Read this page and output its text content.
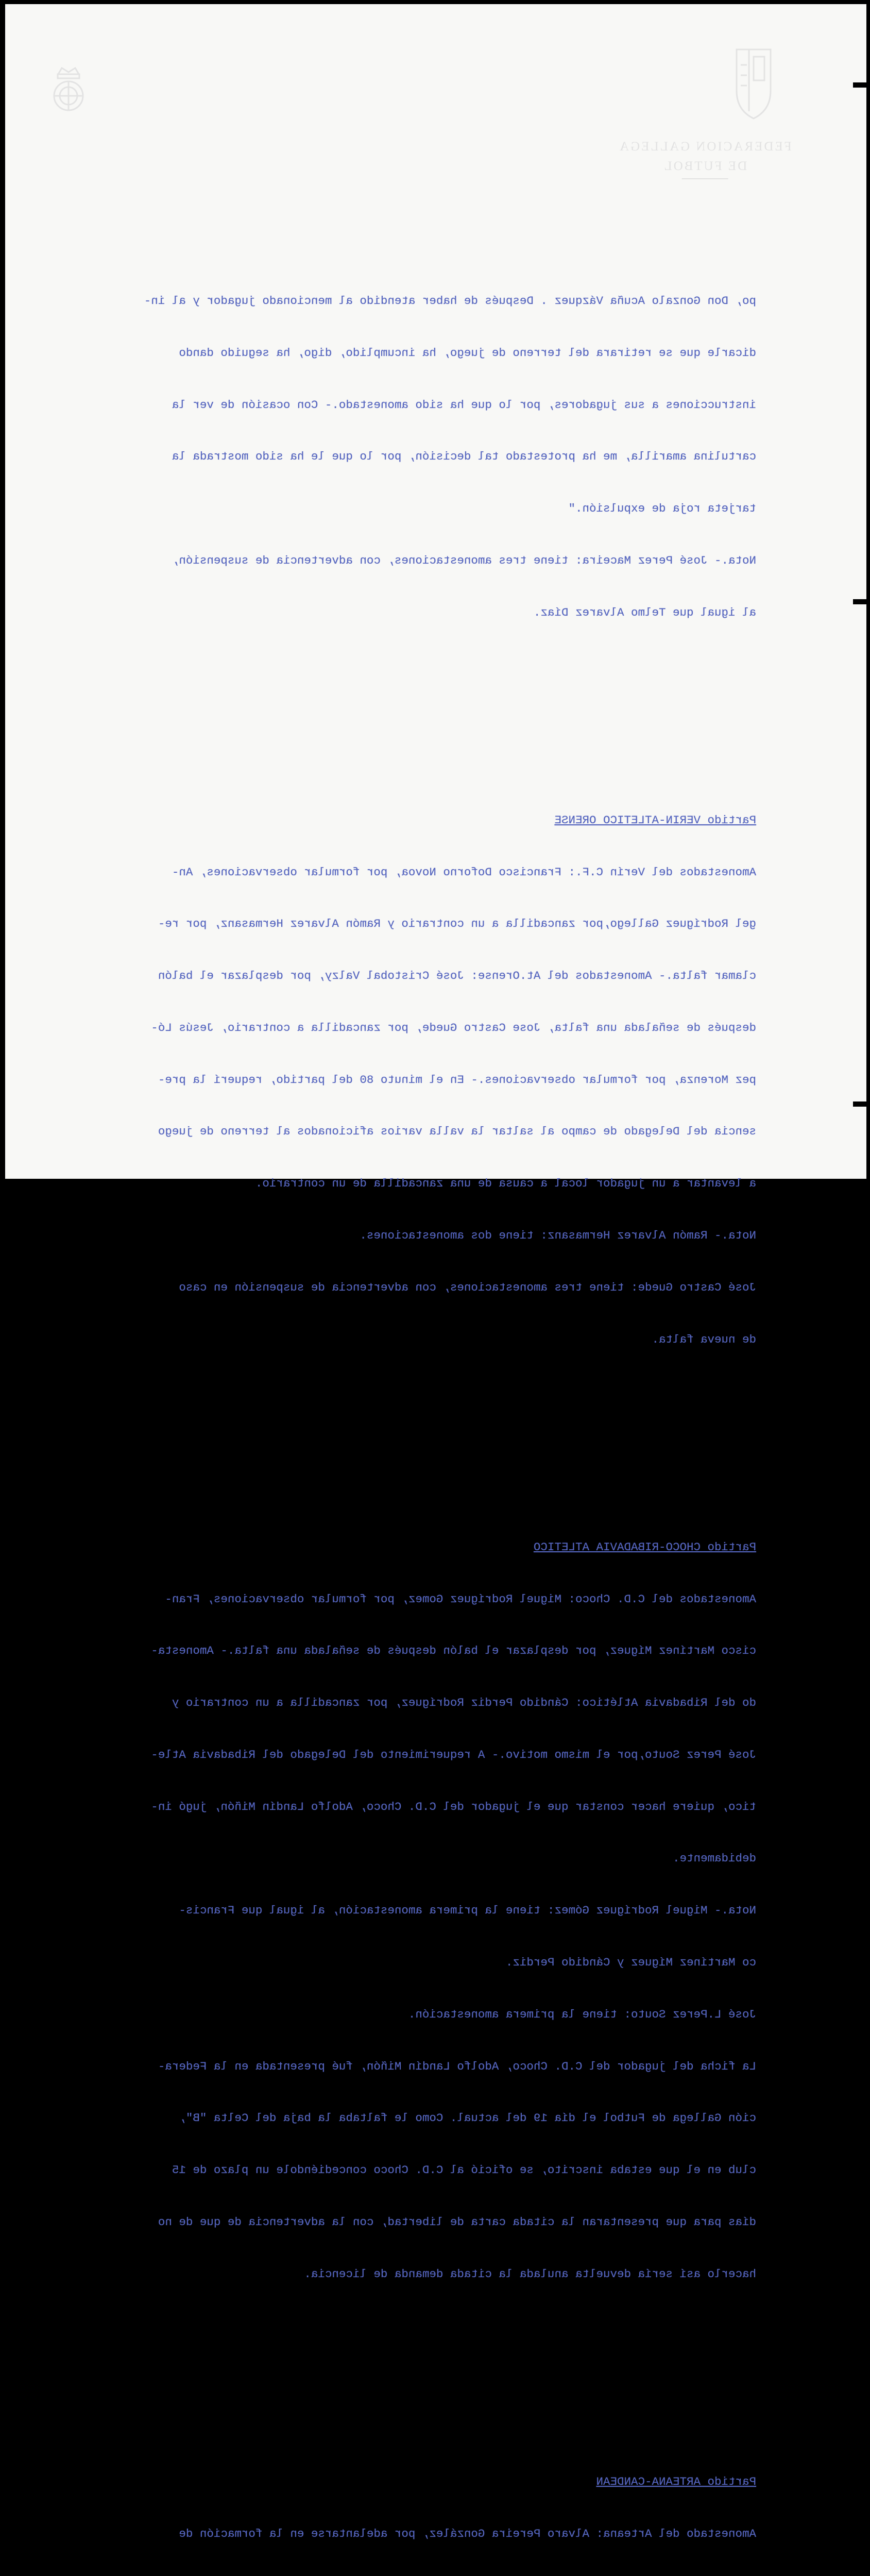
FEDERACION GALLEGA
DE FUTBOL

po, Don Gonzalo Acuña Vázquez . Después de haber atendido al mencionado jugador y al in-

dicarle que se retirara del terreno de juego, ha incumplido, digo, ha seguido dando

instrucciones a sus jugadores, por lo que ha sido amonestado.- Con ocasión de ver la

cartulina amarilla, me ha protestado tal decisión, por lo que le ha sido mostrada la

tarjeta roja de expulsión."

Nota.- José Perez Maceira: tiene tres amonestaciones, con advertencia de suspensión,

al igual que Telmo Alvarez Díaz.

Partido VERIN-ATLETICO ORENSE

Amonestados del Verín C.F.: Francisco Doforno Novoa, por formular observaciones, An-

gel Rodríguez Gallego,por zancadilla a un contrario y Ramón Alvarez Hermasanz, por re-

clamar falta.- Amonestados del At.Orense: José Cristobal Valzy, por desplazar el balón

después de señalada una falta, Jose Castro Guede, por zancadilla a contrario, Jesús Ló-

pez Morenza, por formular observaciones.- En el minuto 80 del partido, requerí la pre-

sencia del Delegado de campo al saltar la valla varios aficionados al terreno de juego

a levantar a un jugador local a causa de una zancadilla de un contrario.

Nota.- Ramón Alvarez Hermasanz: tiene dos amonestaciones.

José Castro Guede: tiene tres amonestaciones, con advertencia de suspensión en caso

de nueva falta.

Partido CHOCO-RIBADAVIA ATLETICO

Amonestados del C.D. Choco: Miguel Rodríguez Gomez, por formular observaciones, Fran-

cisco Martínez Míguez, por desplazar el balón después de señalada una falta.- Amonesta-

do del Ribadavia Atlético: Cándido Perdiz Rodríguez, por zancadilla a un contrario y

José Perez Souto,por el mismo motivo.- A requerimiento del Delegado del Ribadavia Atle-

tico, quiere hacer constar que el jugador del C.D. Choco, Adolfo Landín Miñón, jugó in-

debidamente.

Nota.- Miguel Rodríguez Gómez: tiene la primera amonestación, al igual que Francis-

co Martínez Míguez y Cándido Perdiz.

José L.Perez Souto: tiene la primera amonestación.

La ficha del jugador del C.D. Choco, Adolfo Landín Miñón, fué presentada en la Federa-

ción Gallega de Futbol el día 19 del actual. Como le faltaba la baja del Celta "B",

club en el que estaba inscrito, se ofició al C.D. Choco concediéndole un plazo de 15

días para que presentaran la citada carta de libertad, con la advertencia de que de no

hacerlo así sería devuelta anulada la citada demanda de licencia.

Partido ARTEANA-CANDEAN

Amonestado del Arteana: Alvaro Pereira González, por adelantarse en la formación de
